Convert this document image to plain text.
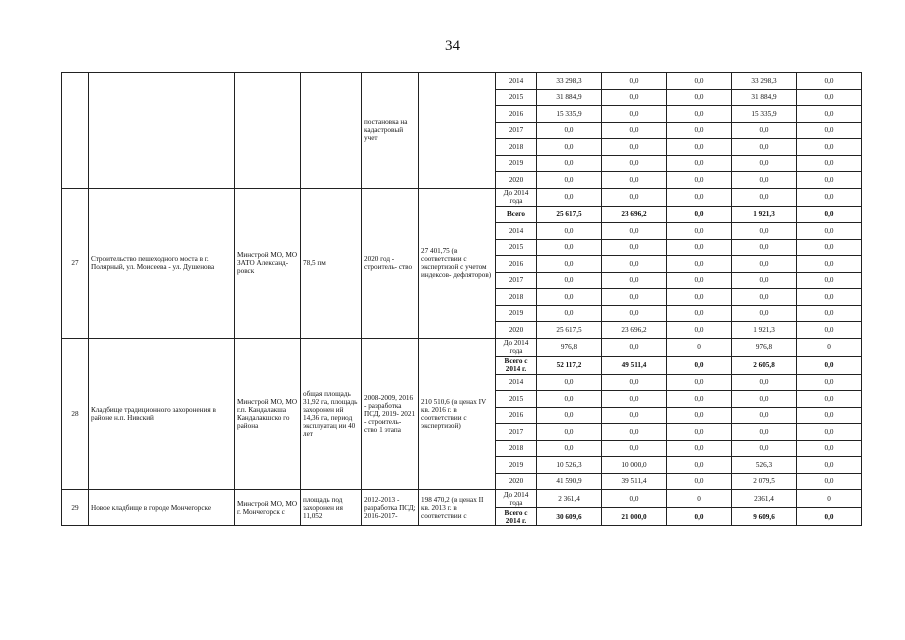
34
				постановка на кадастровый учет		2014	33 298,3	0,0	0,0	33 298,3	0,0
						2015	31 884,9	0,0	0,0	31 884,9	0,0
						2016	15 335,9	0,0	0,0	15 335,9	0,0
						2017	0,0	0,0	0,0	0,0	0,0
						2018	0,0	0,0	0,0	0,0	0,0
						2019	0,0	0,0	0,0	0,0	0,0
						2020	0,0	0,0	0,0	0,0	0,0
27	Строительство пешеходного моста в г. Полярный, ул. Моисеева - ул. Душенова	Минстрой МО, МО ЗАТО Александ- ровск	78,5 пм	2020 год - строитель- ство	27 401,75 (в соответствии с экспертизой с учетом индексов- дефляторов)	До 2014 года	0,0	0,0	0,0	0,0	0,0
						Всего	25 617,5	23 696,2	0,0	1 921,3	0,0
						2014	0,0	0,0	0,0	0,0	0,0
						2015	0,0	0,0	0,0	0,0	0,0
						2016	0,0	0,0	0,0	0,0	0,0
						2017	0,0	0,0	0,0	0,0	0,0
						2018	0,0	0,0	0,0	0,0	0,0
						2019	0,0	0,0	0,0	0,0	0,0
						2020	25 617,5	23 696,2	0,0	1 921,3	0,0
28	Кладбище традиционного захоронения в районе н.п. Нивский	Минстрой МО, МО г.п. Кандалакша Кандалакшско го района	общая площадь 31,92 га, площадь захоронен ий 14,36 га, период эксплуатац ии 40 лет	2008-2009, 2016 - разработка ПСД, 2019- 2021 - строитель- ство 1 этапа	210 510,6 (в ценах IV кв. 2016 г. в соответствии с экспертизой)	До 2014 года	976,8	0,0	0	976,8	0
						Всего с 2014 г.	52 117,2	49 511,4	0,0	2 605,8	0,0
						2014	0,0	0,0	0,0	0,0	0,0
						2015	0,0	0,0	0,0	0,0	0,0
						2016	0,0	0,0	0,0	0,0	0,0
						2017	0,0	0,0	0,0	0,0	0,0
						2018	0,0	0,0	0,0	0,0	0,0
						2019	10 526,3	10 000,0	0,0	526,3	0,0
						2020	41 590,9	39 511,4	0,0	2 079,5	0,0
29	Новое кладбище в городе Мончегорске	Минстрой МО, МО г. Мончегорск с	площадь под захоронен ия 11,052	2012-2013 - разработка ПСД; 2016-2017-	198 470,2 (в ценах II кв. 2013 г. в соответствии с	До 2014 года	2 361,4	0,0	0	2361,4	0
						Всего с 2014 г.	30 609,6	21 000,0	0,0	9 609,6	0,0
